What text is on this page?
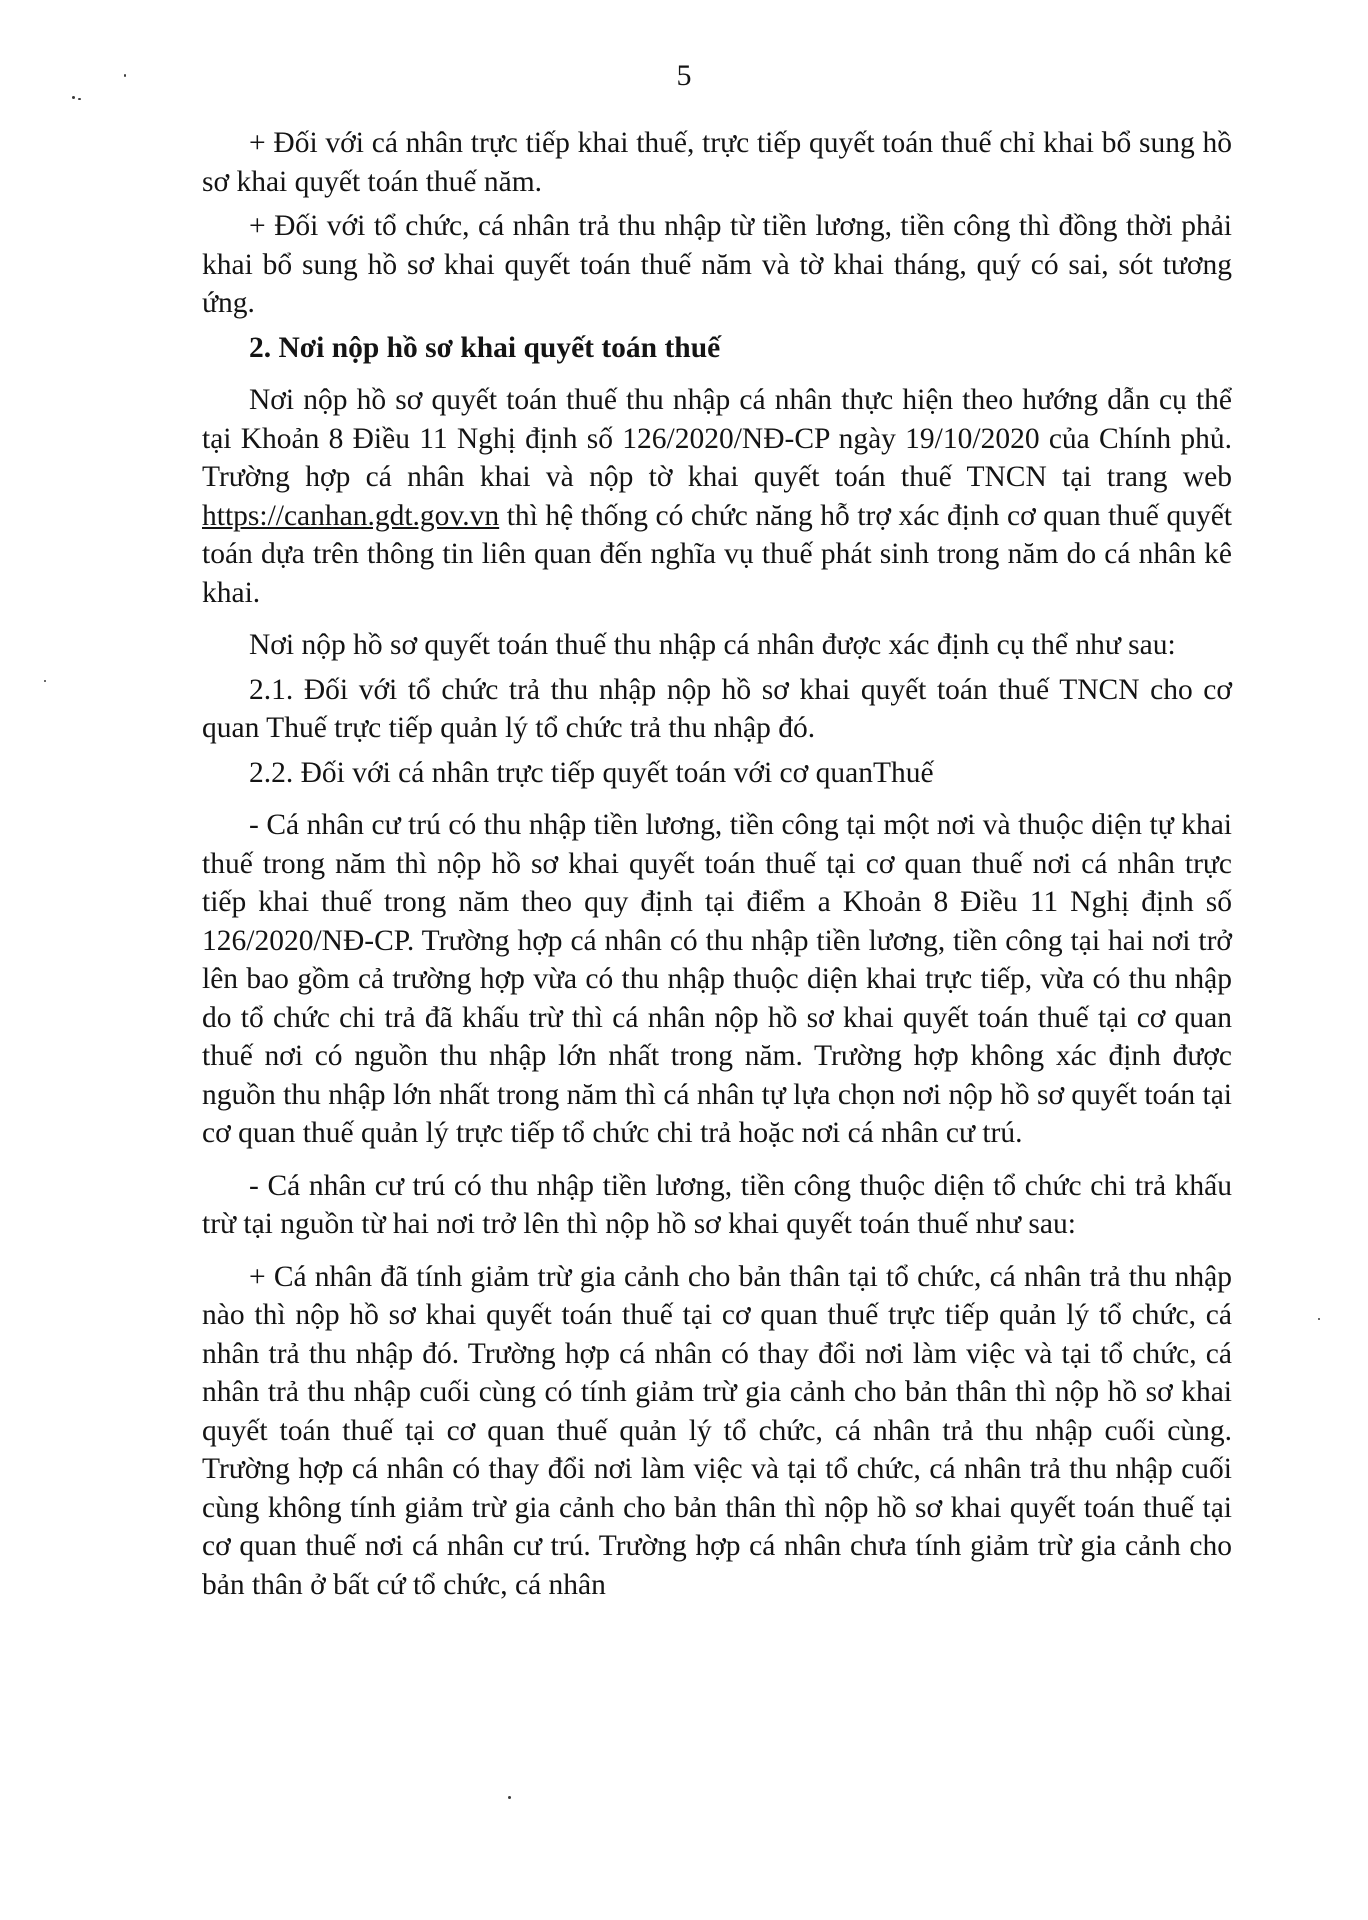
5

+ Đối với cá nhân trực tiếp khai thuế, trực tiếp quyết toán thuế chỉ khai bổ sung hồ sơ khai quyết toán thuế năm.

+ Đối với tổ chức, cá nhân trả thu nhập từ tiền lương, tiền công thì đồng thời phải khai bổ sung hồ sơ khai quyết toán thuế năm và tờ khai tháng, quý có sai, sót tương ứng.

2. Nơi nộp hồ sơ khai quyết toán thuế

Nơi nộp hồ sơ quyết toán thuế thu nhập cá nhân thực hiện theo hướng dẫn cụ thể tại Khoản 8 Điều 11 Nghị định số 126/2020/NĐ-CP ngày 19/10/2020 của Chính phủ. Trường hợp cá nhân khai và nộp tờ khai quyết toán thuế TNCN tại trang web https://canhan.gdt.gov.vn thì hệ thống có chức năng hỗ trợ xác định cơ quan thuế quyết toán dựa trên thông tin liên quan đến nghĩa vụ thuế phát sinh trong năm do cá nhân kê khai.

Nơi nộp hồ sơ quyết toán thuế thu nhập cá nhân được xác định cụ thể như sau:

2.1. Đối với tổ chức trả thu nhập nộp hồ sơ khai quyết toán thuế TNCN cho cơ quan Thuế trực tiếp quản lý tổ chức trả thu nhập đó.

2.2. Đối với cá nhân trực tiếp quyết toán với cơ quanThuế

- Cá nhân cư trú có thu nhập tiền lương, tiền công tại một nơi và thuộc diện tự khai thuế trong năm thì nộp hồ sơ khai quyết toán thuế tại cơ quan thuế nơi cá nhân trực tiếp khai thuế trong năm theo quy định tại điểm a Khoản 8 Điều 11 Nghị định số 126/2020/NĐ-CP. Trường hợp cá nhân có thu nhập tiền lương, tiền công tại hai nơi trở lên bao gồm cả trường hợp vừa có thu nhập thuộc diện khai trực tiếp, vừa có thu nhập do tổ chức chi trả đã khấu trừ thì cá nhân nộp hồ sơ khai quyết toán thuế tại cơ quan thuế nơi có nguồn thu nhập lớn nhất trong năm. Trường hợp không xác định được nguồn thu nhập lớn nhất trong năm thì cá nhân tự lựa chọn nơi nộp hồ sơ quyết toán tại cơ quan thuế quản lý trực tiếp tổ chức chi trả hoặc nơi cá nhân cư trú.

- Cá nhân cư trú có thu nhập tiền lương, tiền công thuộc diện tổ chức chi trả khấu trừ tại nguồn từ hai nơi trở lên thì nộp hồ sơ khai quyết toán thuế như sau:

+ Cá nhân đã tính giảm trừ gia cảnh cho bản thân tại tổ chức, cá nhân trả thu nhập nào thì nộp hồ sơ khai quyết toán thuế tại cơ quan thuế trực tiếp quản lý tổ chức, cá nhân trả thu nhập đó. Trường hợp cá nhân có thay đổi nơi làm việc và tại tổ chức, cá nhân trả thu nhập cuối cùng có tính giảm trừ gia cảnh cho bản thân thì nộp hồ sơ khai quyết toán thuế tại cơ quan thuế quản lý tổ chức, cá nhân trả thu nhập cuối cùng. Trường hợp cá nhân có thay đổi nơi làm việc và tại tổ chức, cá nhân trả thu nhập cuối cùng không tính giảm trừ gia cảnh cho bản thân thì nộp hồ sơ khai quyết toán thuế tại cơ quan thuế nơi cá nhân cư trú. Trường hợp cá nhân chưa tính giảm trừ gia cảnh cho bản thân ở bất cứ tổ chức, cá nhân
